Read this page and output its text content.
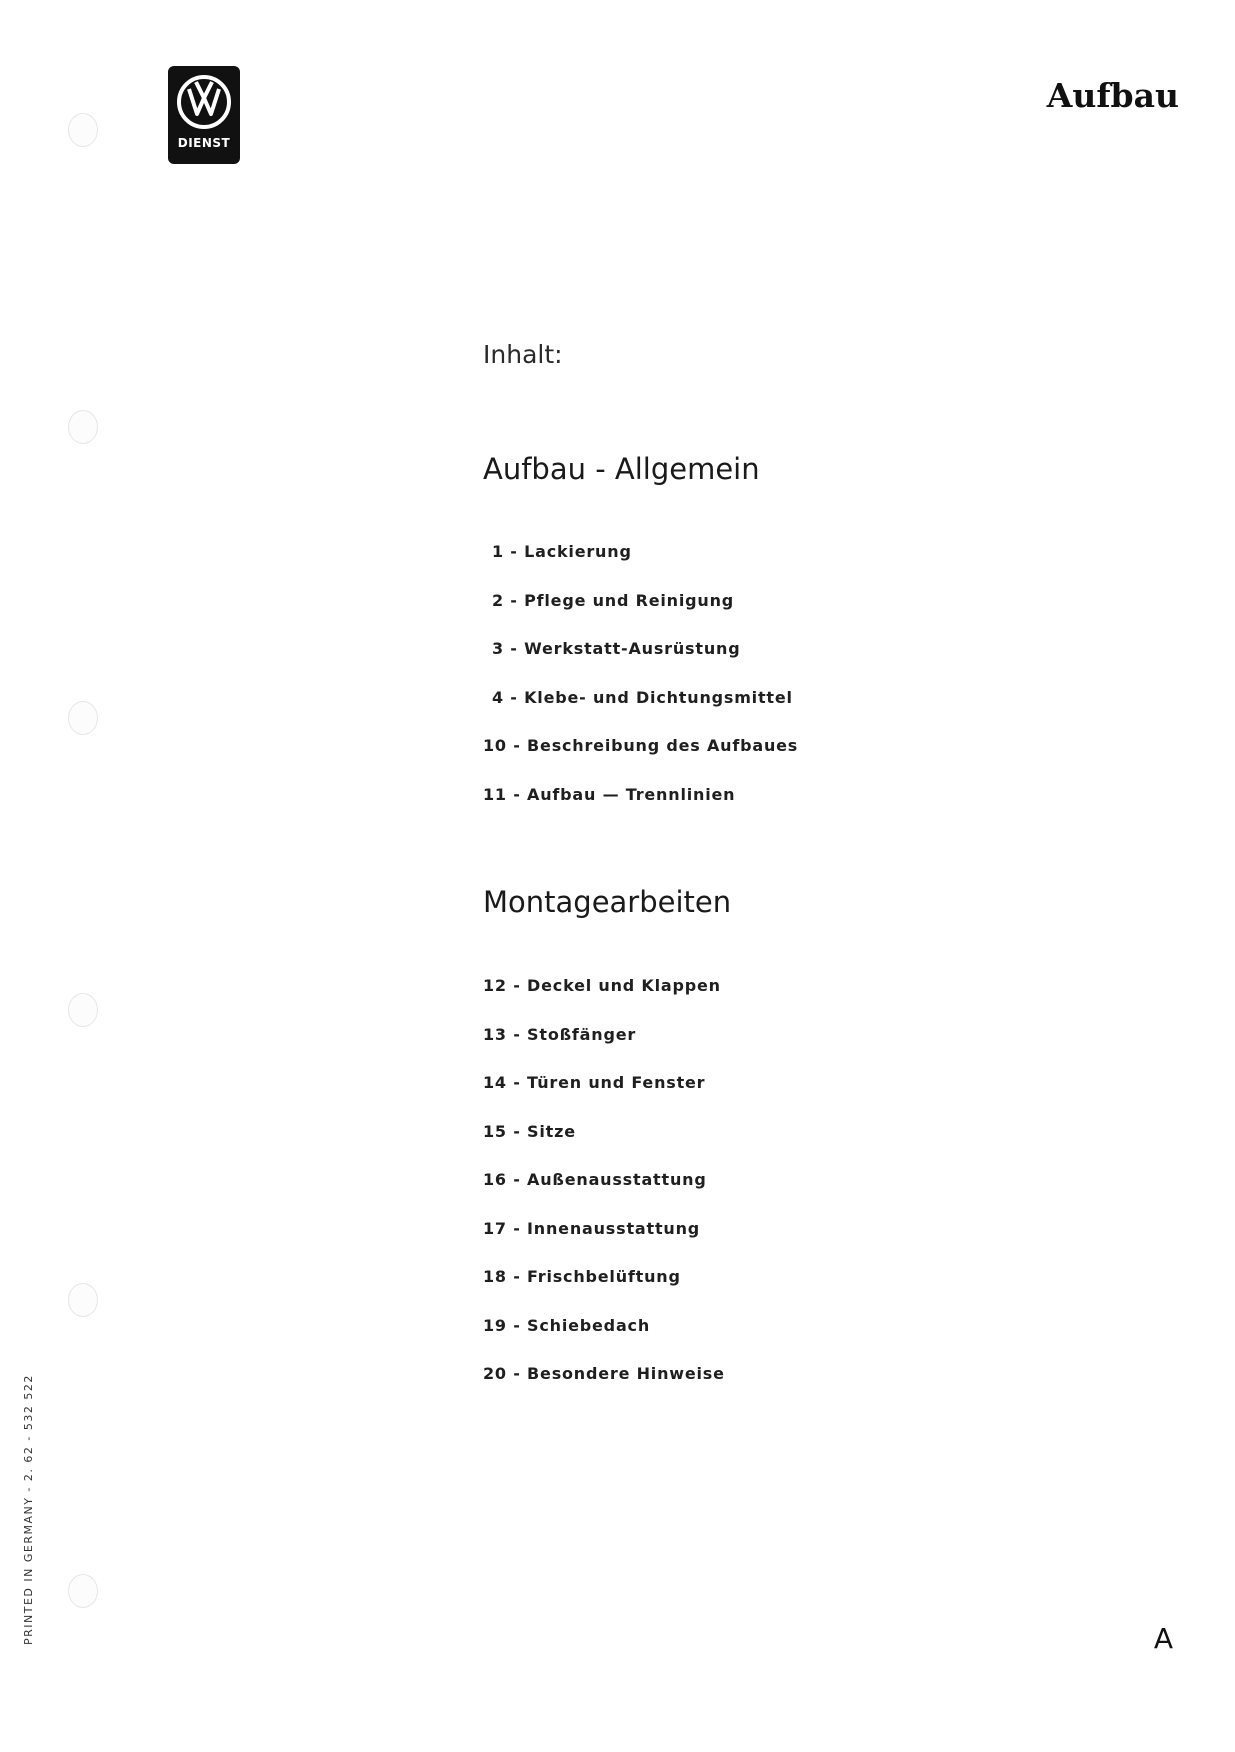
DIENST
Aufbau
Inhalt:
Aufbau - Allgemein
1 - Lackierung
2 - Pflege und Reinigung
3 - Werkstatt-Ausrüstung
4 - Klebe- und Dichtungsmittel
10 - Beschreibung des Aufbaues
11 - Aufbau — Trennlinien
Montagearbeiten
12 - Deckel und Klappen
13 - Stoßfänger
14 - Türen und Fenster
15 - Sitze
16 - Außenausstattung
17 - Innenausstattung
18 - Frischbelüftung
19 - Schiebedach
20 - Besondere Hinweise
PRINTED IN GERMANY - 2. 62 - 532 522	A
